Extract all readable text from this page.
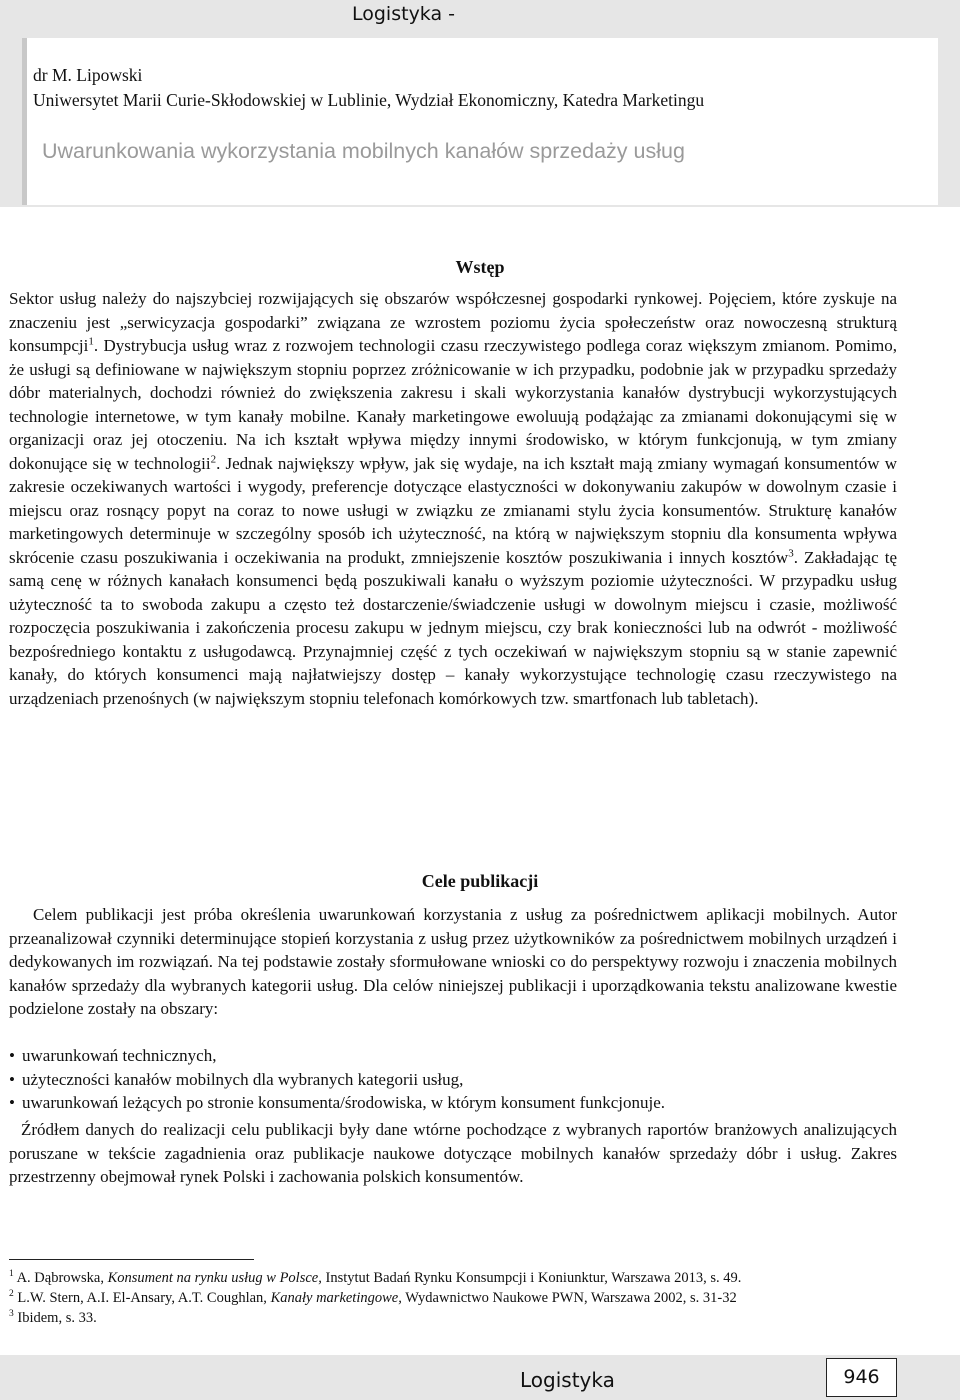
Logistyka -
dr M. Lipowski
Uniwersytet Marii Curie-Skłodowskiej w Lublinie, Wydział Ekonomiczny, Katedra Marketingu
Uwarunkowania wykorzystania mobilnych kanałów sprzedaży usług
Wstęp

Sektor usług należy do najszybciej rozwijających się obszarów współczesnej gospodarki rynkowej. Pojęciem, które zyskuje na znaczeniu jest „serwicyzacja gospodarki” związana ze wzrostem poziomu życia społeczeństw oraz nowoczesną strukturą konsumpcji$^1$. Dystrybucja usług wraz z rozwojem technologii czasu rzeczywistego podlega coraz większym zmianom. Pomimo, że usługi są definiowane w największym stopniu poprzez zróżnicowanie w ich przypadku, podobnie jak w przypadku sprzedaży dóbr materialnych, dochodzi również do zwiększenia zakresu i skali wykorzystania kanałów dystrybucji wykorzystujących technologie internetowe, w tym kanały mobilne. Kanały marketingowe ewoluują podążając za zmianami dokonującymi się w organizacji oraz jej otoczeniu. Na ich kształt wpływa między innymi środowisko, w którym funkcjonują, w tym zmiany dokonujące się w technologii$^2$. Jednak największy wpływ, jak się wydaje, na ich kształt mają zmiany wymagań konsumentów w zakresie oczekiwanych wartości i wygody, preferencje dotyczące elastyczności w dokonywaniu zakupów w dowolnym czasie i miejscu oraz rosnący popyt na coraz to nowe usługi w związku ze zmianami stylu życia konsumentów. Strukturę kanałów marketingowych determinuje w szczególny sposób ich użyteczność, na którą w największym stopniu dla konsumenta wpływa skrócenie czasu poszukiwania i oczekiwania na produkt, zmniejszenie kosztów poszukiwania i innych kosztów$^3$. Zakładając tę samą cenę w różnych kanałach konsumenci będą poszukiwali kanału o wyższym poziomie użyteczności. W przypadku usług użyteczność ta to swoboda zakupu a często też dostarczenie/świadczenie usługi w dowolnym miejscu i czasie, możliwość rozpoczęcia poszukiwania i zakończenia procesu zakupu w jednym miejscu, czy brak konieczności lub na odwrót - możliwość bezpośredniego kontaktu z usługodawcą. Przynajmniej część z tych oczekiwań w największym stopniu są w stanie zapewnić kanały, do których konsumenci mają najłatwiejszy dostęp – kanały wykorzystujące technologię czasu rzeczywistego na urządzeniach przenośnych (w największym stopniu telefonach komórkowych tzw. smartfonach lub tabletach).

Cele publikacji

Celem publikacji jest próba określenia uwarunkowań korzystania z usług za pośrednictwem aplikacji mobilnych. Autor przeanalizował czynniki determinujące stopień korzystania z usług przez użytkowników za pośrednictwem mobilnych urządzeń i dedykowanych im rozwiązań. Na tej podstawie zostały sformułowane wnioski co do perspektywy rozwoju i znaczenia mobilnych kanałów sprzedaży dla wybranych kategorii usług. Dla celów niniejszej publikacji i uporządkowania tekstu analizowane kwestie podzielone zostały na obszary:

• uwarunkowań technicznych,
• użyteczności kanałów mobilnych dla wybranych kategorii usług,
• uwarunkowań leżących po stronie konsumenta/środowiska, w którym konsument funkcjonuje.

Źródłem danych do realizacji celu publikacji były dane wtórne pochodzące z wybranych raportów branżowych analizujących poruszane w tekście zagadnienia oraz publikacje naukowe dotyczące mobilnych kanałów sprzedaży dóbr i usług. Zakres przestrzenny obejmował rynek Polski i zachowania polskich konsumentów.

$^1$ A. Dąbrowska, Konsument na rynku usług w Polsce, Instytut Badań Rynku Konsumpcji i Koniunktur, Warszawa 2013, s. 49.
$^2$ L.W. Stern, A.I. El-Ansary, A.T. Coughlan, Kanały marketingowe, Wydawnictwo Naukowe PWN, Warszawa 2002, s. 31-32
$^3$ Ibidem, s. 33.
Logistyka	946
